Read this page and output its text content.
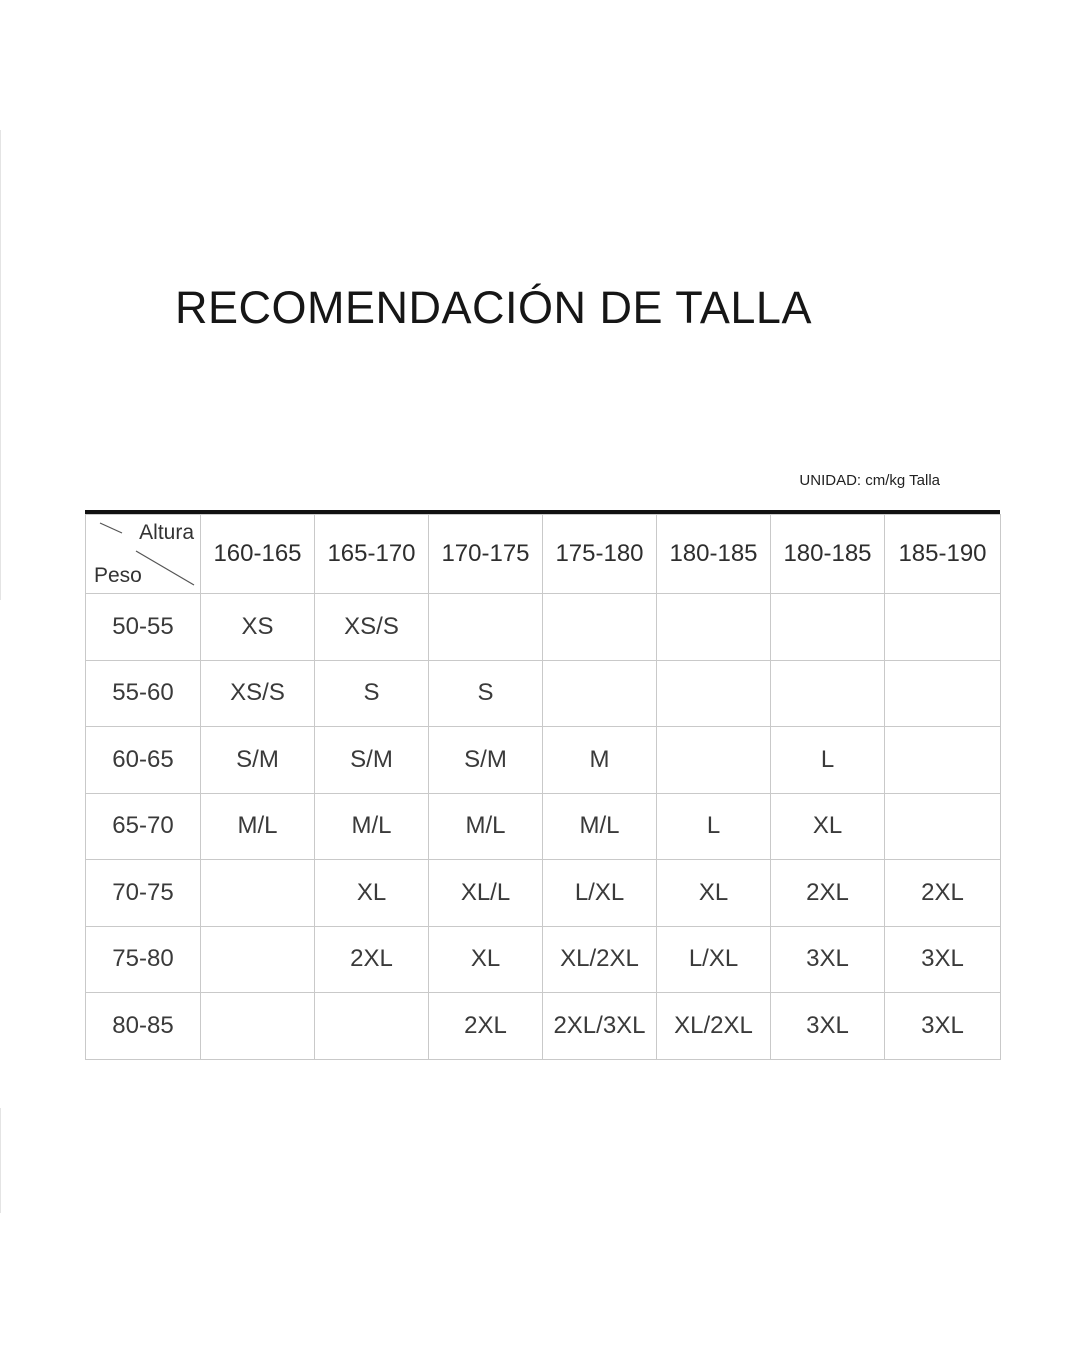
RECOMENDACIÓN DE TALLA
UNIDAD: cm/kg Talla
Altura
Peso	160-165	165-170	170-175	175-180	180-185	180-185	185-190
50-55	XS	XS/S					
55-60	XS/S	S	S				
60-65	S/M	S/M	S/M	M		L	
65-70	M/L	M/L	M/L	M/L	L	XL	
70-75		XL	XL/L	L/XL	XL	2XL	2XL
75-80		2XL	XL	XL/2XL	L/XL	3XL	3XL
80-85			2XL	2XL/3XL	XL/2XL	3XL	3XL
